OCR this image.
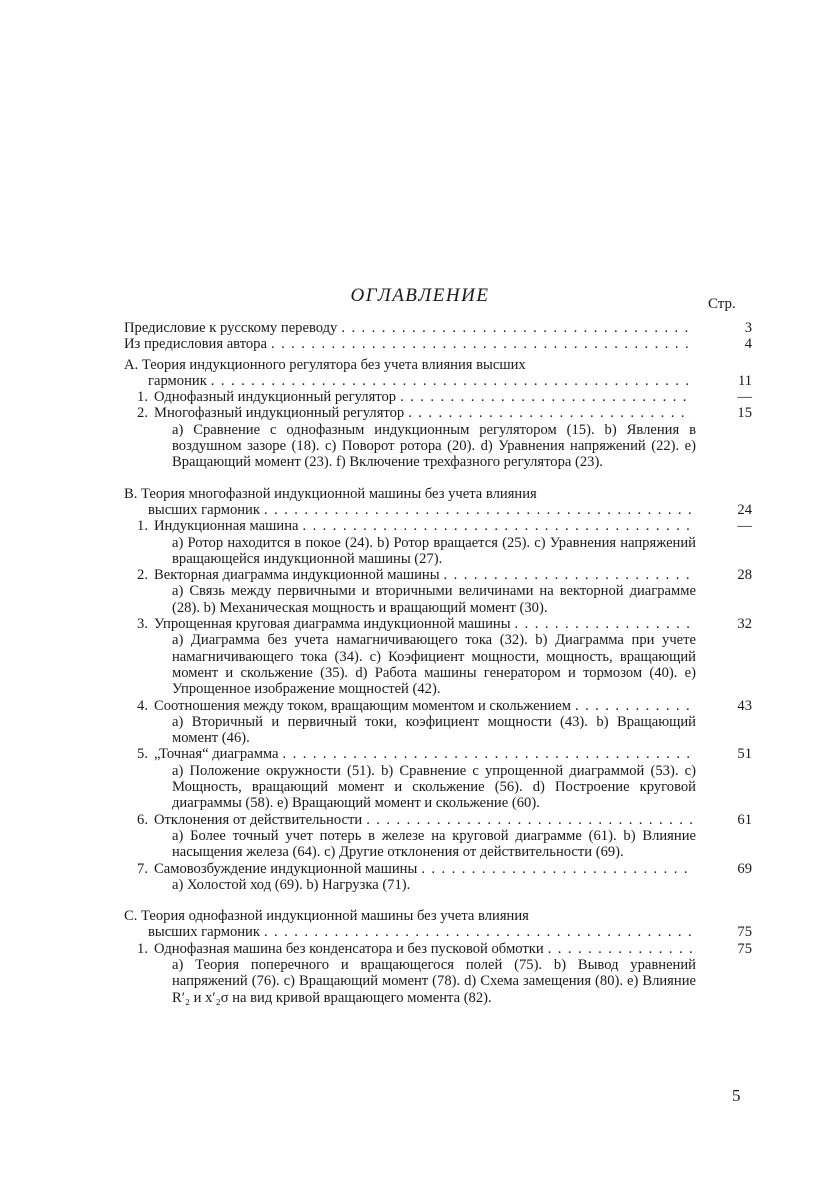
ОГЛАВЛЕНИЕ	Стр.
Предисловие к русскому переводу . . .	3
Из предисловия автора . . .	4
А. Теория индукционного регулятора без учета влияния высших
гармоник . . .	11
1. Однофазный индукционный регулятор . . .	—
2. Многофазный индукционный регулятор . . .	15
a) Сравнение с однофазным индукционным регулятором (15). b) Явления в воздушном зазоре (18). c) Поворот ротора (20). d) Уравнения напряжений (22). e) Вращающий момент (23). f) Включение трехфазного регулятора (23).
В. Теория многофазной индукционной машины без учета влияния
высших гармоник . . .	24
1. Индукционная машина . . .	—
a) Ротор находится в покое (24). b) Ротор вращается (25). c) Уравнения напряжений вращающейся индукционной машины (27).
2. Векторная диаграмма индукционной машины . . .	28
a) Связь между первичными и вторичными величинами на векторной диаграмме (28). b) Механическая мощность и вращающий момент (30).
3. Упрощенная круговая диаграмма индукционной машины . . .	32
a) Диаграмма без учета намагничивающего тока (32). b) Диаграмма при учете намагничивающего тока (34). c) Коэфициент мощности, мощность, вращающий момент и скольжение (35). d) Работа машины генератором и тормозом (40). e) Упрощенное изображение мощностей (42).
4. Соотношения между током, вращающим моментом и скольжением . . .	43
a) Вторичный и первичный токи, коэфициент мощности (43). b) Вращающий момент (46).
5. „Точная“ диаграмма . . .	51
a) Положение окружности (51). b) Сравнение с упрощенной диаграммой (53). c) Мощность, вращающий момент и скольжение (56). d) Построение круговой диаграммы (58). e) Вращающий момент и скольжение (60).
6. Отклонения от действительности . . .	61
a) Более точный учет потерь в железе на круговой диаграмме (61). b) Влияние насыщения железа (64). c) Другие отклонения от действительности (69).
7. Самовозбуждение индукционной машины . . .	69
a) Холостой ход (69). b) Нагрузка (71).
С. Теория однофазной индукционной машины без учета влияния
высших гармоник . . .	75
1. Однофазная машина без конденсатора и без пусковой обмотки . . .	75
a) Теория поперечного и вращающегося полей (75). b) Вывод уравнений напряжений (76). c) Вращающий момент (78). d) Схема замещения (80). e) Влияние R′₂ и x′₂σ на вид кривой вращающего момента (82).
5
